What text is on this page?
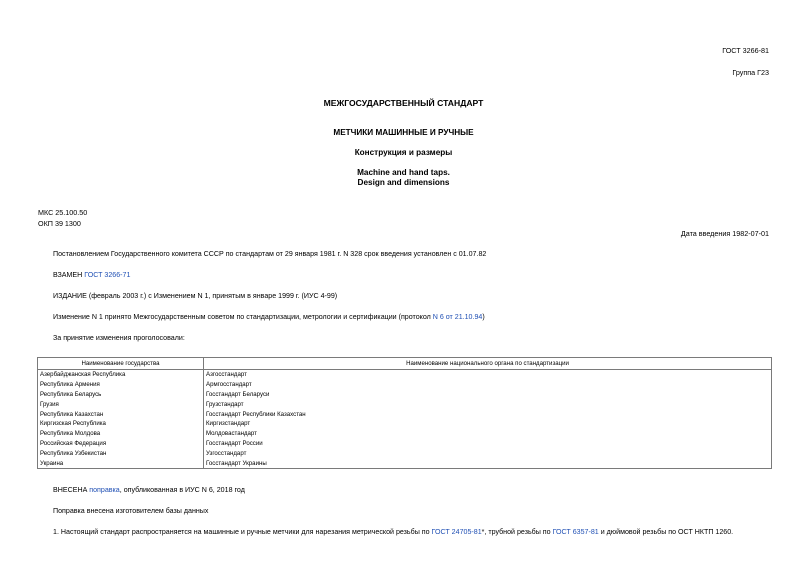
ГОСТ 3266-81
Группа Г23
МЕЖГОСУДАРСТВЕННЫЙ СТАНДАРТ
МЕТЧИКИ МАШИННЫЕ И РУЧНЫЕ
Конструкция и размеры
Machine and hand taps.
Design and dimensions
МКС 25.100.50
ОКП 39 1300
Дата введения 1982-07-01
Постановлением Государственного комитета СССР по стандартам от 29 января 1981 г. N 328 срок введения установлен с 01.07.82
ВЗАМЕН ГОСТ 3266-71
ИЗДАНИЕ (февраль 2003 г.) с Изменением N 1, принятым в январе 1999 г. (ИУС 4-99)
Изменение N 1 принято Межгосударственным советом по стандартизации, метрологии и сертификации (протокол N 6 от 21.10.94)
За принятие изменения проголосовали:
Наименование государства	Наименование национального органа по стандартизации
Азербайджанская Республика	Азгосстандарт
Республика Армения	Армгосстандарт
Республика Беларусь	Госстандарт Беларуси
Грузия	Грузстандарт
Республика Казахстан	Госстандарт Республики Казахстан
Киргизская Республика	Киргизстандарт
Республика Молдова	Молдовастандарт
Российская Федерация	Госстандарт России
Республика Узбекистан	Узгосстандарт
Украина	Госстандарт Украины
ВНЕСЕНА поправка, опубликованная в ИУС N 6, 2018 год
Поправка внесена изготовителем базы данных
1. Настоящий стандарт распространяется на машинные и ручные метчики для нарезания метрической резьбы по ГОСТ 24705-81*, трубной резьбы по ГОСТ 6357-81 и дюймовой резьбы по ОСТ НКТП 1260.
